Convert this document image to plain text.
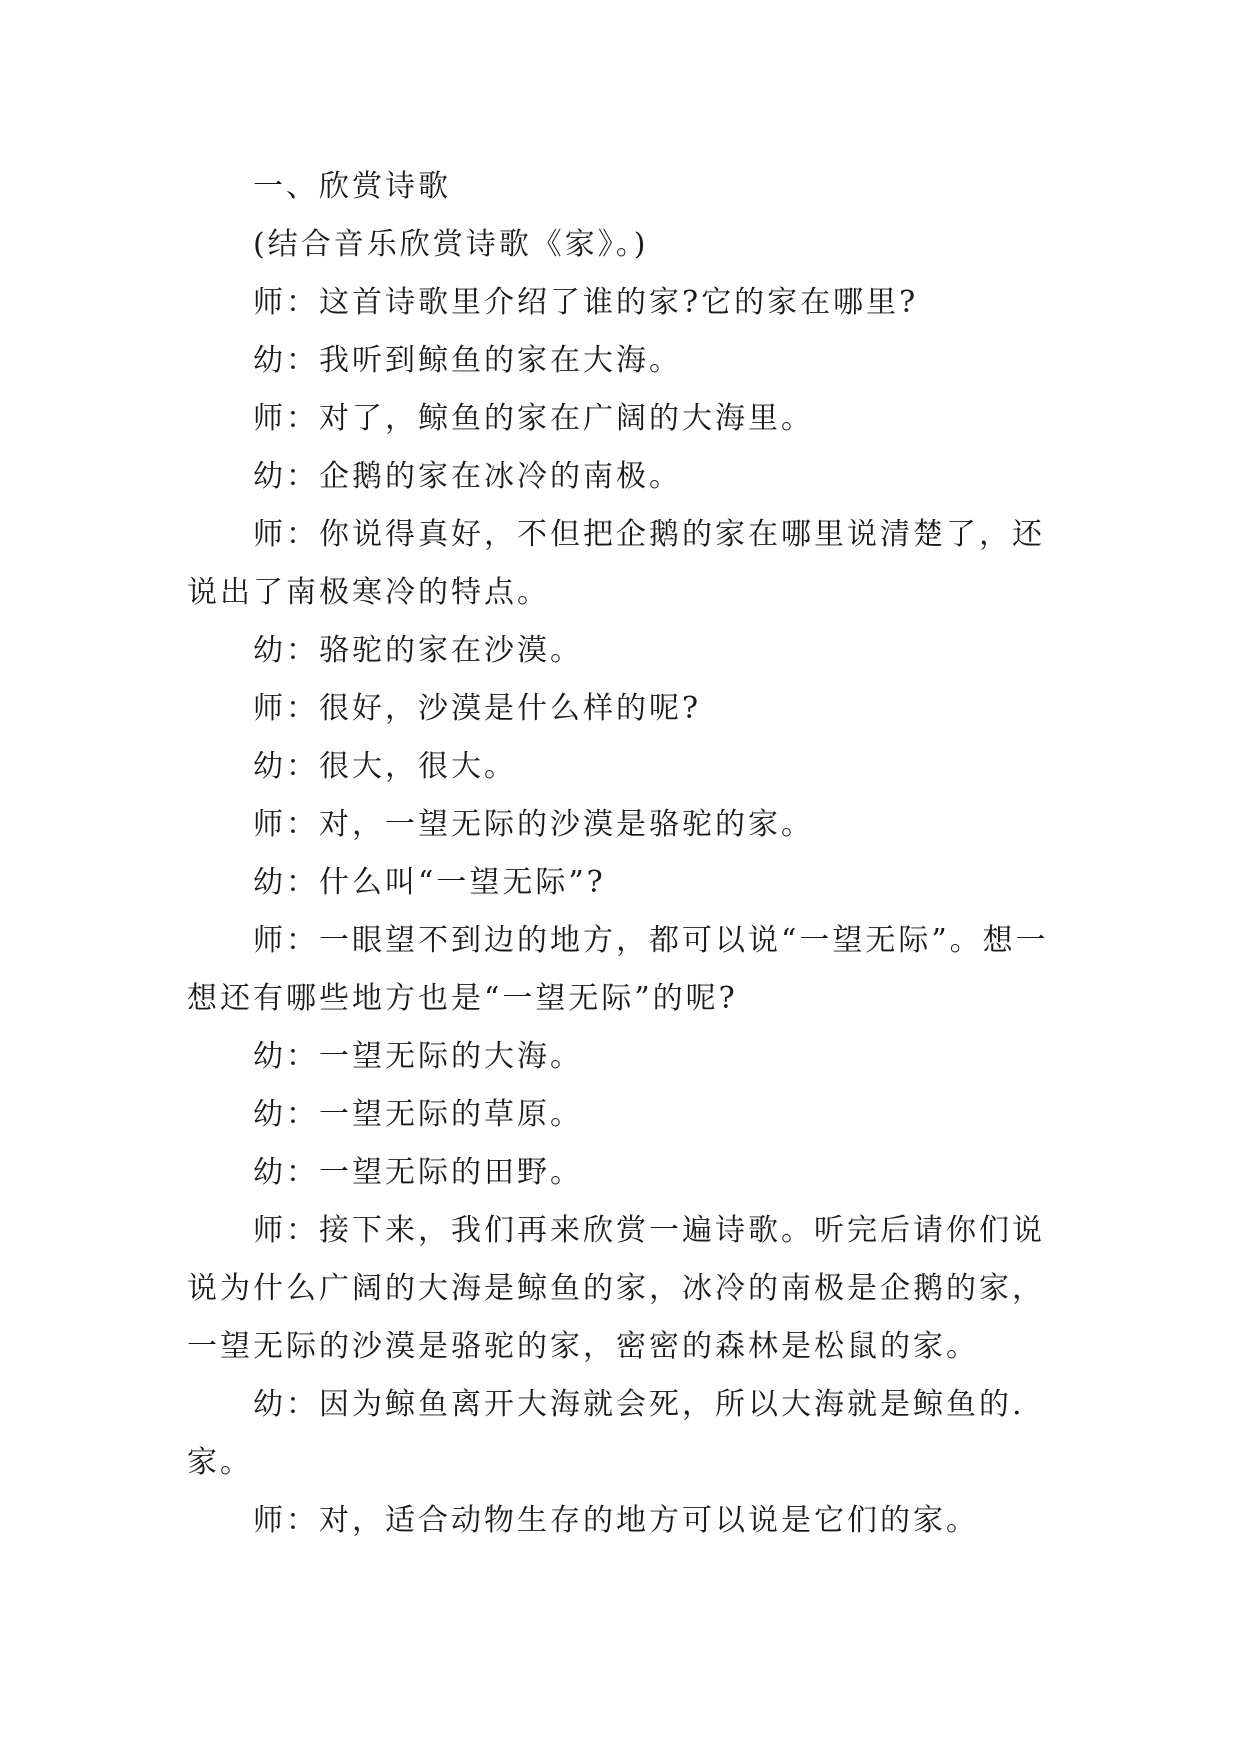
一、欣赏诗歌

(结合音乐欣赏诗歌《家》。)

师：这首诗歌里介绍了谁的家?它的家在哪里?

幼：我听到鲸鱼的家在大海。

师：对了，鲸鱼的家在广阔的大海里。

幼：企鹅的家在冰冷的南极。

师：你说得真好，不但把企鹅的家在哪里说清楚了，还说出了南极寒冷的特点。

幼：骆驼的家在沙漠。

师：很好，沙漠是什么样的呢?

幼：很大，很大。

师：对，一望无际的沙漠是骆驼的家。

幼：什么叫“一望无际”?

师：一眼望不到边的地方，都可以说“一望无际”。想一想还有哪些地方也是“一望无际”的呢?

幼：一望无际的大海。

幼：一望无际的草原。

幼：一望无际的田野。

师：接下来，我们再来欣赏一遍诗歌。听完后请你们说说为什么广阔的大海是鲸鱼的家，冰冷的南极是企鹅的家，一望无际的沙漠是骆驼的家，密密的森林是松鼠的家。

幼：因为鲸鱼离开大海就会死，所以大海就是鲸鱼的.家。

师：对，适合动物生存的地方可以说是它们的家。
